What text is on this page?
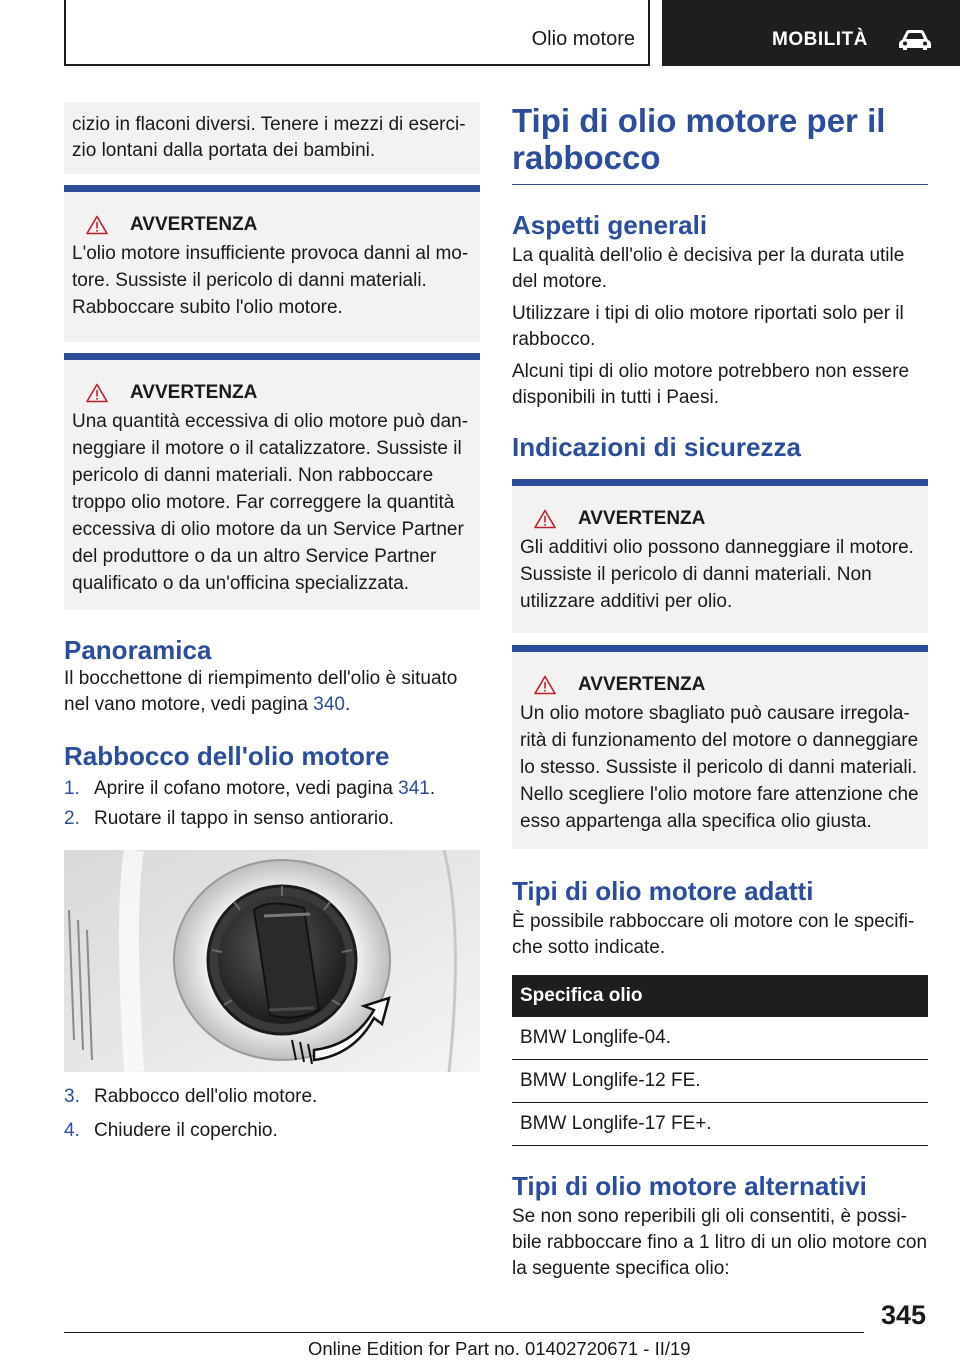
Olio motore	MOBILITÀ

cizio in flaconi diversi. Tenere i mezzi di esercizio lontani dalla portata dei bambini.

AVVERTENZA

L'olio motore insufficiente provoca danni al motore. Sussiste il pericolo di danni materiali. Rabboccare subito l'olio motore.

AVVERTENZA

Una quantità eccessiva di olio motore può danneggiare il motore o il catalizzatore. Sussiste il pericolo di danni materiali. Non rabboccare troppo olio motore. Far correggere la quantità eccessiva di olio motore da un Service Partner del produttore o da un altro Service Partner qualificato o da un'officina specializzata.

Panoramica

Il bocchettone di riempimento dell'olio è situato nel vano motore, vedi pagina 340.

Rabbocco dell'olio motore
1. Aprire il cofano motore, vedi pagina 341.
2. Ruotare il tappo in senso antiorario.
3. Rabbocco dell'olio motore.
4. Chiudere il coperchio.
Tipi di olio motore per il rabbocco
Aspetti generali

La qualità dell'olio è decisiva per la durata utile del motore.

Utilizzare i tipi di olio motore riportati solo per il rabbocco.

Alcuni tipi di olio motore potrebbero non essere disponibili in tutti i Paesi.

Indicazioni di sicurezza
AVVERTENZA

Gli additivi olio possono danneggiare il motore. Sussiste il pericolo di danni materiali. Non utilizzare additivi per olio.

AVVERTENZA

Un olio motore sbagliato può causare irregolarità di funzionamento del motore o danneggiare lo stesso. Sussiste il pericolo di danni materiali. Nello scegliere l'olio motore fare attenzione che esso appartenga alla specifica olio giusta.

Tipi di olio motore adatti

È possibile rabboccare oli motore con le specifiche sotto indicate.

Specifica olio
BMW Longlife-04.
BMW Longlife-12 FE.
BMW Longlife-17 FE+.
Tipi di olio motore alternativi

Se non sono reperibili gli oli consentiti, è possibile rabboccare fino a 1 litro di un olio motore con la seguente specifica olio:

345
Online Edition for Part no. 01402720671 - II/19
